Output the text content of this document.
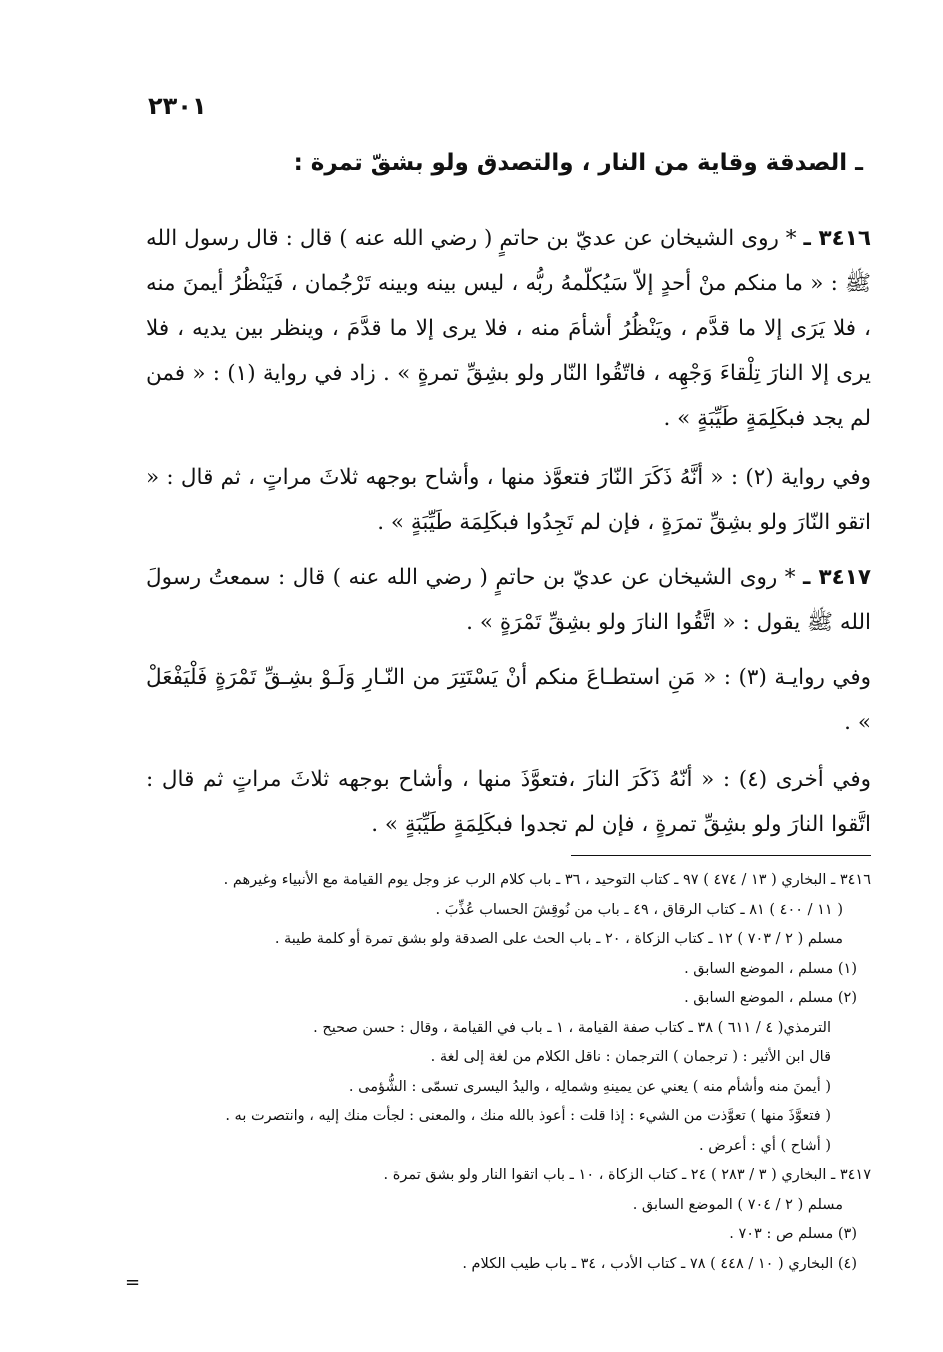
٢٣٠١
ـ الصدقة وقاية من النار ، والتصدق ولو بشقّ تمرة :
٣٤١٦ ـ * روى الشيخان عن عديّ بن حاتمٍ ( رضي الله عنه ) قال : قال رسول الله ﷺ : « ما منكم منْ أحدٍ إلاّ سَيُكلّمهُ ربُّه ، ليس بينه وبينه تَرْجُمان ، فَيَنْظُرُ أيمنَ منه ، فلا يَرَى إلا ما قدَّم ، ويَنْظُرُ أشأمَ منه ، فلا يرى إلا ما قدَّمَ ، وينظر بين يديه ، فلا يرى إلا النارَ تِلْقاءَ وَجْهِه ، فاتّقُوا النّار ولو بشِقِّ تمرةٍ » . زاد في رواية (١) : « فمن لم يجد فبكَلِمَةٍ طَيِّبَةٍ » .
وفي رواية (٢) : « أنَّهُ ذَكَرَ النّارَ فتعوَّذ منها ، وأشاح بوجهه ثلاثَ مراتٍ ، ثم قال : « اتقو النّارَ ولو بشِقِّ تمرَةٍ ، فإن لم تَجِدُوا فبكَلِمَة طَيِّبَةٍ » .
٣٤١٧ ـ * روى الشيخان عن عديّ بن حاتمٍ ( رضي الله عنه ) قال : سمعتُ رسولَ الله ﷺ يقول : « اتَّقُوا النارَ ولو بشِقِّ تَمْرَةٍ » .
وفي روايـة (٣) : « مَنِ استطـاعَ منكم أنْ يَسْتَتِرَ من النّـارِ وَلَـوْ بشِـقِّ تَمْرَةٍ فَلْيَفْعَلْ » .
وفي أخرى (٤) : « أنّهُ ذَكَرَ النارَ ،فتعوَّذَ منها ، وأشاح بوجهه ثلاثَ مراتٍ ثم قال : اتَّقوا النارَ ولو بشِقِّ تمرةٍ ، فإن لم تجدوا فبكَلِمَةٍ طَيِّبَةٍ » .
٣٤١٦ ـ البخاري ( ١٣ / ٤٧٤ ) ٩٧ ـ كتاب التوحيد ، ٣٦ ـ باب كلام الرب عز وجل يوم القيامة مع الأنبياء وغيرهم .
( ١١ / ٤٠٠ ) ٨١ ـ كتاب الرقاق ، ٤٩ ـ باب من نُوقِشَ الحساب عُذِّبَ .
مسلم ( ٢ / ٧٠٣ ) ١٢ ـ كتاب الزكاة ، ٢٠ ـ باب الحث على الصدقة ولو بشق تمرة أو كلمة طيبة .
(١) مسلم ، الموضع السابق .
(٢) مسلم ، الموضع السابق .
الترمذي( ٤ / ٦١١ ) ٣٨ ـ كتاب صفة القيامة ، ١ ـ باب في القيامة ، وقال : حسن صحيح .
قال ابن الأثير : ( ترجمان ) الترجمان : ناقل الكلام من لغة إلى لغة .
( أيمنَ منه وأشأم منه ) يعني عن يمينهِ وشمالِه ، واليدُ اليسرى تسمّى : الشُّؤمى .
( فتعوَّذَ منها ) تعوَّذت من الشيء : إذا قلت : أعوذ بالله منك ، والمعنى : لجأت منك إليه ، وانتصرت به .
( أشاح ) أي : أعرض .
٣٤١٧ ـ البخاري ( ٣ / ٢٨٣ ) ٢٤ ـ كتاب الزكاة ، ١٠ ـ باب اتقوا النار ولو بشق تمرة .
مسلم ( ٢ / ٧٠٤ ) الموضع السابق .
(٣) مسلم ص : ٧٠٣ .
(٤) البخاري ( ١٠ / ٤٤٨ ) ٧٨ ـ كتاب الأدب ، ٣٤ ـ باب طيب الكلام .
=
